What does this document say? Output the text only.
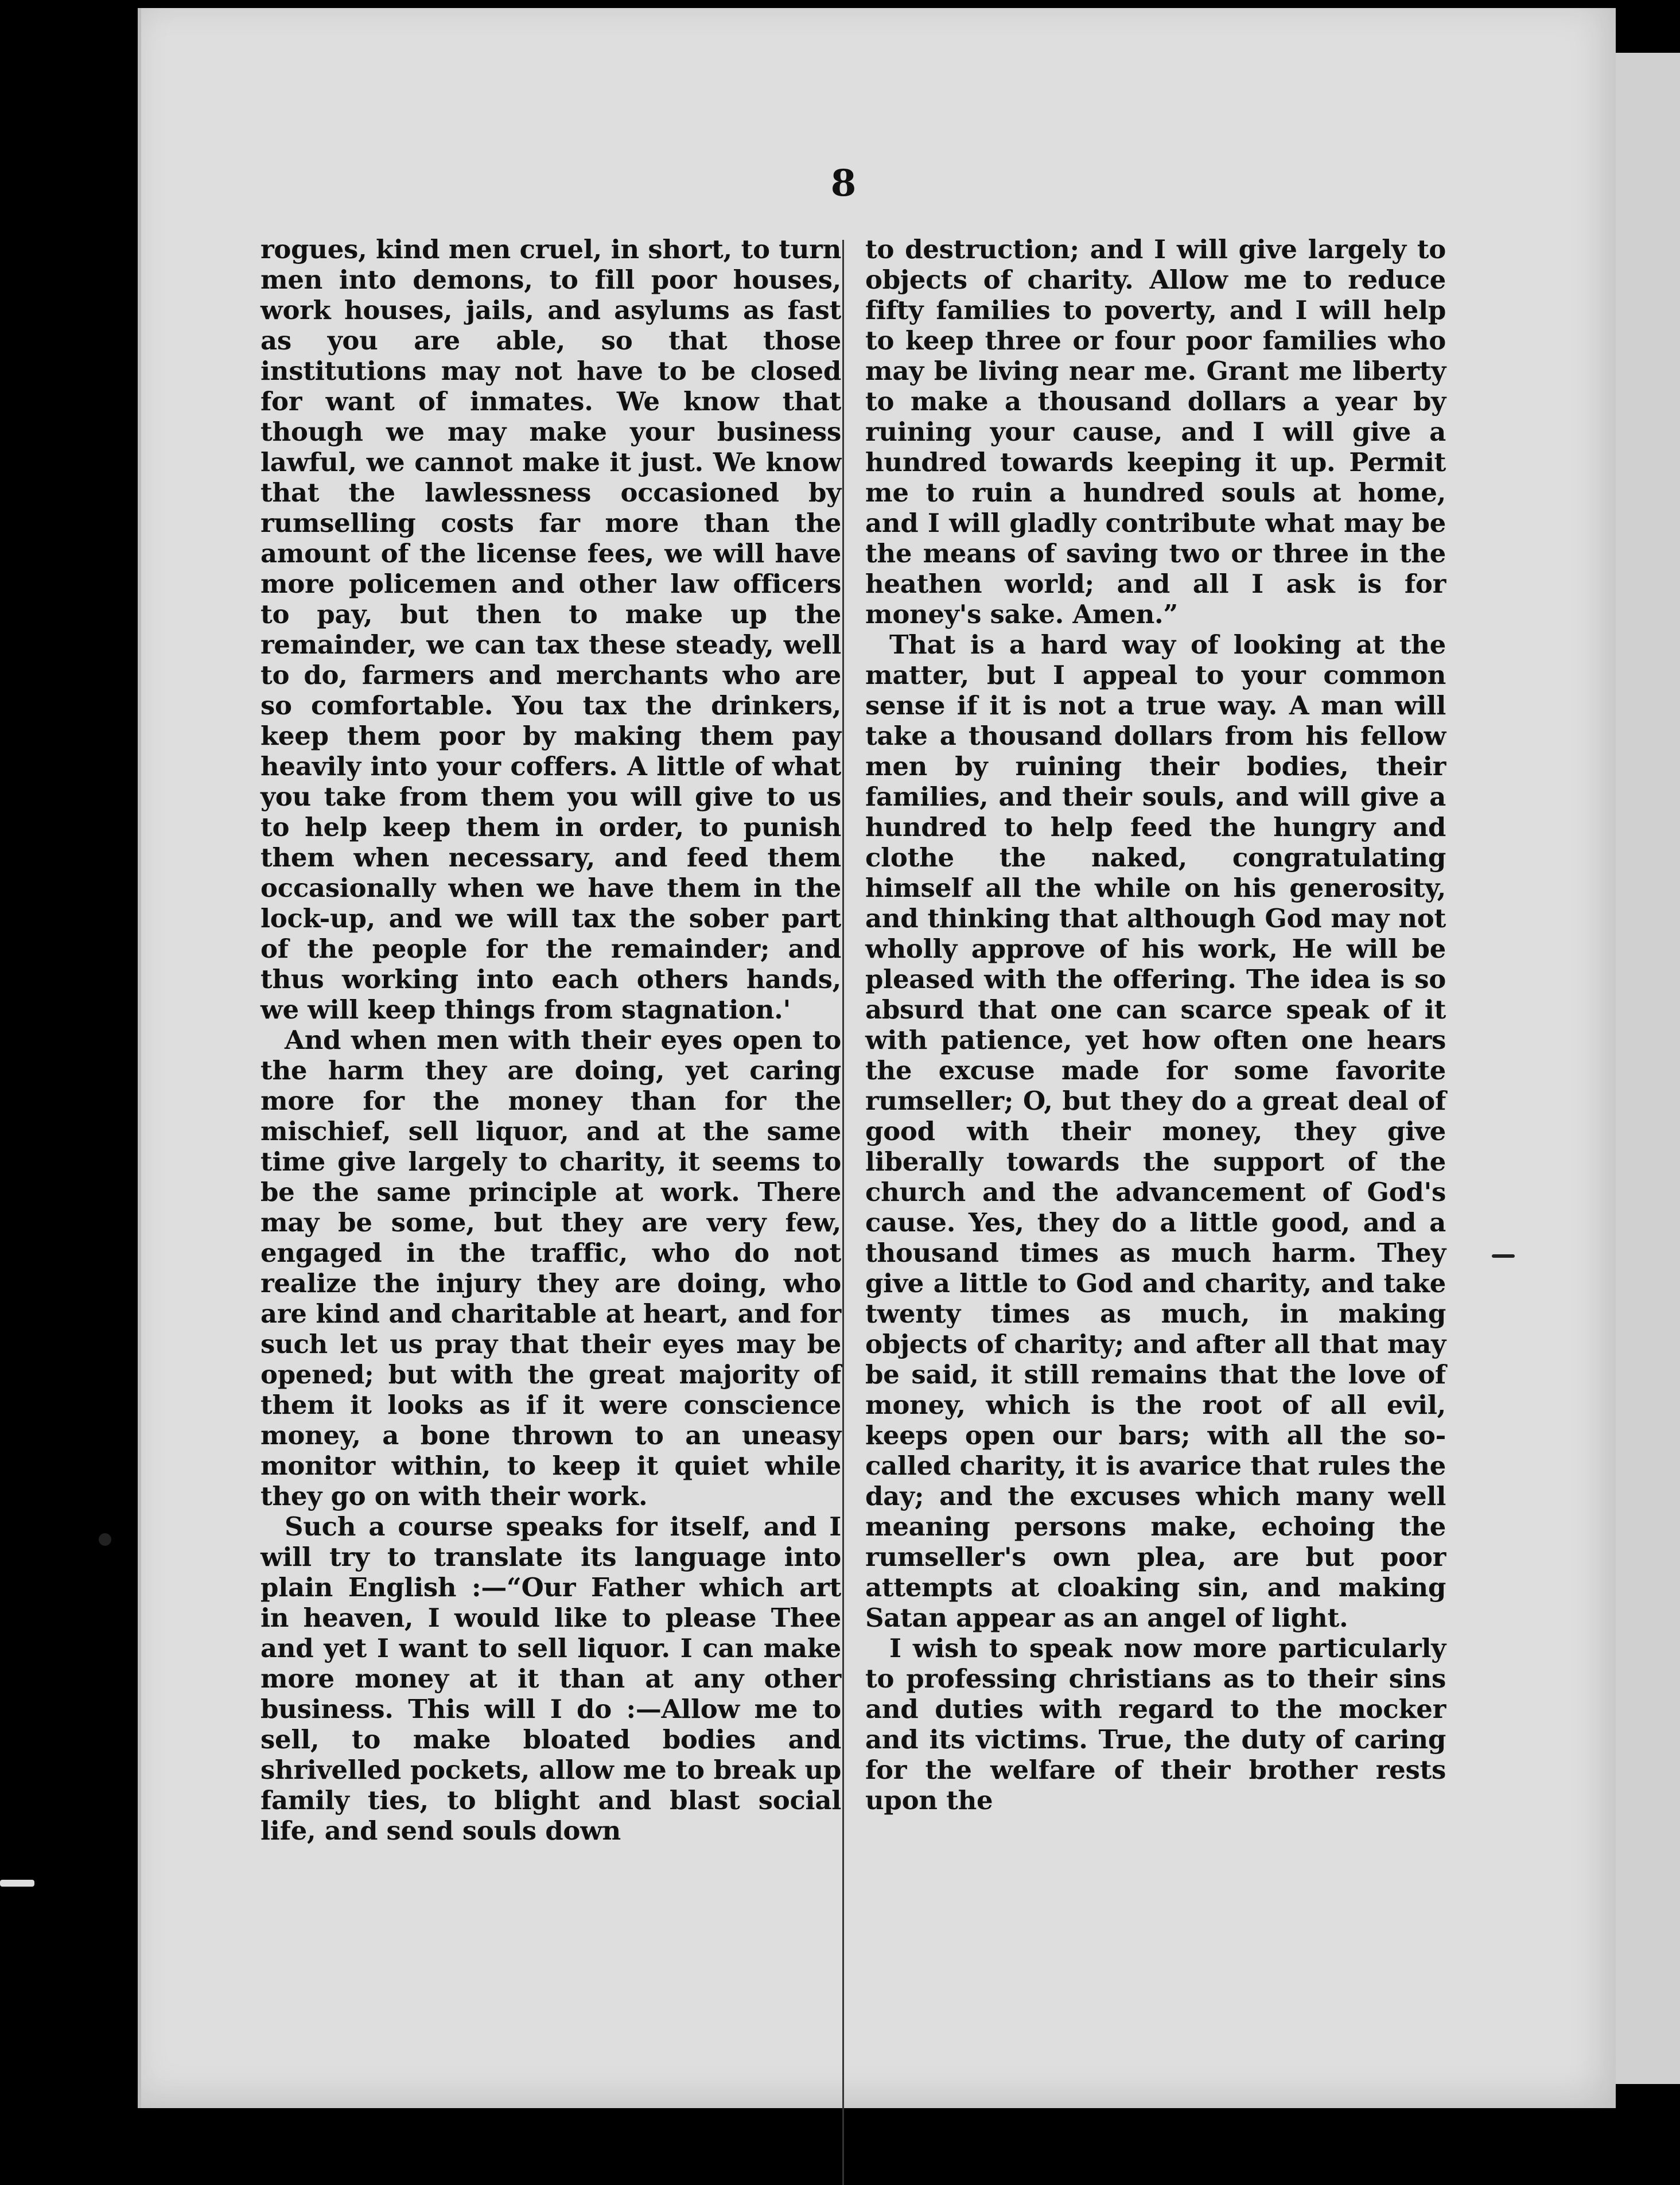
8

rogues, kind men cruel, in short, to turn men into demons, to fill poor houses, work houses, jails, and asylums as fast as you are able, so that those institutions may not have to be closed for want of inmates. We know that though we may make your business lawful, we cannot make it just. We know that the lawlessness occasioned by rumselling costs far more than the amount of the license fees, we will have more policemen and other law officers to pay, but then to make up the remainder, we can tax these steady, well to do, farmers and merchants who are so comfortable. You tax the drinkers, keep them poor by making them pay heavily into your coffers. A little of what you take from them you will give to us to help keep them in order, to punish them when necessary, and feed them occasionally when we have them in the lock-up, and we will tax the sober part of the people for the remainder; and thus working into each others hands, we will keep things from stagnation.'

And when men with their eyes open to the harm they are doing, yet caring more for the money than for the mischief, sell liquor, and at the same time give largely to charity, it seems to be the same principle at work. There may be some, but they are very few, engaged in the traffic, who do not realize the injury they are doing, who are kind and charitable at heart, and for such let us pray that their eyes may be opened; but with the great majority of them it looks as if it were conscience money, a bone thrown to an uneasy monitor within, to keep it quiet while they go on with their work.

Such a course speaks for itself, and I will try to translate its language into plain English :—“Our Father which art in heaven, I would like to please Thee and yet I want to sell liquor. I can make more money at it than at any other business. This will I do :—Allow me to sell, to make bloated bodies and shrivelled pockets, allow me to break up family ties, to blight and blast social life, and send souls down

to destruction; and I will give largely to objects of charity. Allow me to reduce fifty families to poverty, and I will help to keep three or four poor families who may be living near me. Grant me liberty to make a thousand dollars a year by ruining your cause, and I will give a hundred towards keeping it up. Permit me to ruin a hundred souls at home, and I will gladly contribute what may be the means of saving two or three in the heathen world; and all I ask is for money's sake. Amen.”

That is a hard way of looking at the matter, but I appeal to your common sense if it is not a true way. A man will take a thousand dollars from his fellow men by ruining their bodies, their families, and their souls, and will give a hundred to help feed the hungry and clothe the naked, congratulating himself all the while on his generosity, and thinking that although God may not wholly approve of his work, He will be pleased with the offering. The idea is so absurd that one can scarce speak of it with patience, yet how often one hears the excuse made for some favorite rumseller; O, but they do a great deal of good with their money, they give liberally towards the support of the church and the advancement of God's cause. Yes, they do a little good, and a thousand times as much harm. They give a little to God and charity, and take twenty times as much, in making objects of charity; and after all that may be said, it still remains that the love of money, which is the root of all evil, keeps open our bars; with all the so-called charity, it is avarice that rules the day; and the excuses which many well meaning persons make, echoing the rumseller's own plea, are but poor attempts at cloaking sin, and making Satan appear as an angel of light.

I wish to speak now more particularly to professing christians as to their sins and duties with regard to the mocker and its victims. True, the duty of caring for the welfare of their brother rests upon the
